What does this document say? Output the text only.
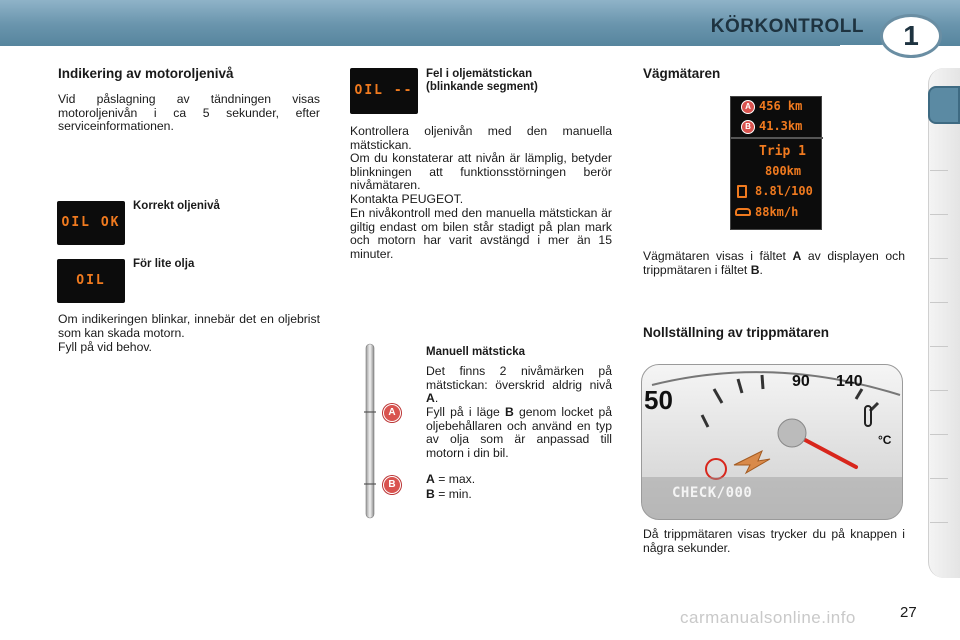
KÖRKONTROLL	1
Indikering av motoroljenivå
Vid påslagning av tändningen visas motoroljenivån i ca 5 sekunder, efter serviceinformationen.
OIL OK
Korrekt oljenivå
OIL
För lite olja
Om indikeringen blinkar, innebär det en oljebrist som kan skada motorn.
Fyll på vid behov.
OIL --
Fel i oljemätstickan
(blinkande segment)
Kontrollera oljenivån med den manuella mätstickan.
Om du konstaterar att nivån är lämplig, betyder blinkningen att funktionsstörningen berör nivåmätaren.
Kontakta PEUGEOT.
En nivåkontroll med den manuella mätstickan är giltig endast om bilen står stadigt på plan mark och motorn har varit avstängd i mer än 15 minuter.
A
B
Manuell mätsticka
Det finns 2 nivåmärken på mätstickan: överskrid aldrig nivå A.
Fyll på i läge B genom locket på oljebehållaren och använd en typ av olja som är anpassad till motorn i din bil.
A = max.
B = min.
Vägmätaren
A 456 km
B 41.3km
Trip 1
800km
8.8l/100
88km/h
Vägmätaren visas i fältet A av displayen och trippmätaren i fältet B.
Nollställning av trippmätaren
50
90 140
°C
CHECK/000
Då trippmätaren visas trycker du på knappen i några sekunder.
carmanualsonline.info	27
